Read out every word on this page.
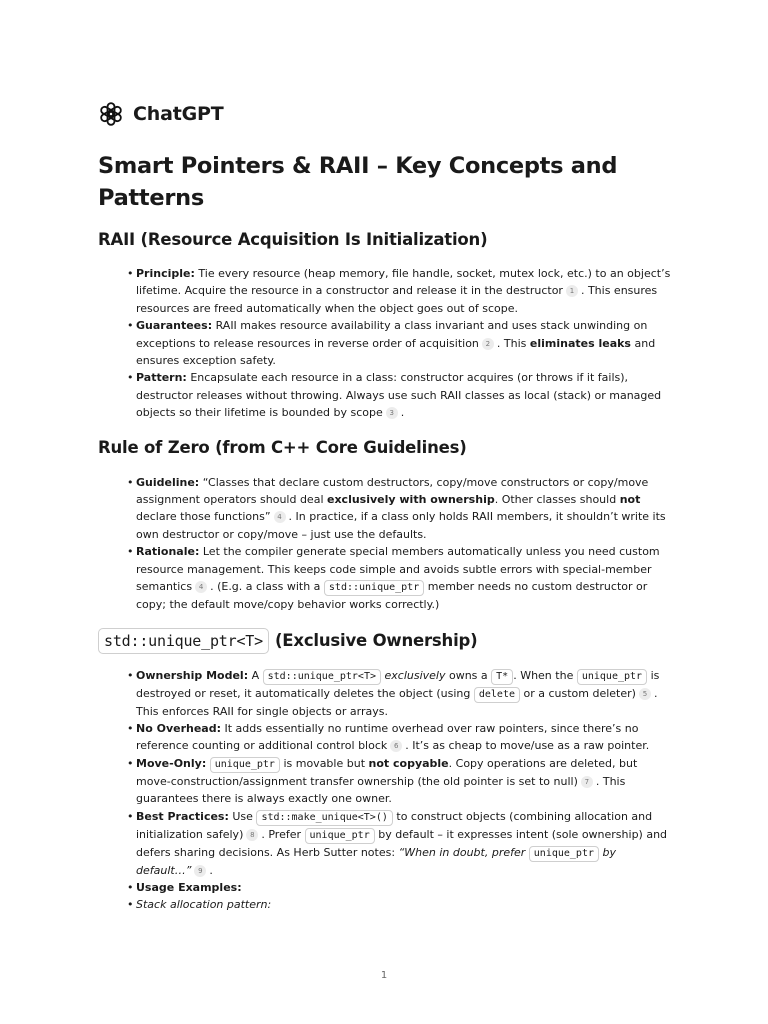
ChatGPT
Smart Pointers & RAII – Key Concepts and Patterns
RAII (Resource Acquisition Is Initialization)
• Principle: Tie every resource (heap memory, file handle, socket, mutex lock, etc.) to an object’s lifetime. Acquire the resource in a constructor and release it in the destructor 1 . This ensures resources are freed automatically when the object goes out of scope.
• Guarantees: RAII makes resource availability a class invariant and uses stack unwinding on exceptions to release resources in reverse order of acquisition 2 . This eliminates leaks and ensures exception safety.
• Pattern: Encapsulate each resource in a class: constructor acquires (or throws if it fails), destructor releases without throwing. Always use such RAII classes as local (stack) or managed objects so their lifetime is bounded by scope 3 .
Rule of Zero (from C++ Core Guidelines)
• Guideline: “Classes that declare custom destructors, copy/move constructors or copy/move assignment operators should deal exclusively with ownership. Other classes should not declare those functions” 4 . In practice, if a class only holds RAII members, it shouldn’t write its own destructor or copy/move – just use the defaults.
• Rationale: Let the compiler generate special members automatically unless you need custom resource management. This keeps code simple and avoids subtle errors with special-member semantics 4 . (E.g. a class with a std::unique_ptr member needs no custom destructor or copy; the default move/copy behavior works correctly.)
std::unique_ptr<T> (Exclusive Ownership)
• Ownership Model: A std::unique_ptr<T> exclusively owns a T* . When the unique_ptr is destroyed or reset, it automatically deletes the object (using delete or a custom deleter) 5 . This enforces RAII for single objects or arrays.
• No Overhead: It adds essentially no runtime overhead over raw pointers, since there’s no reference counting or additional control block 6 . It’s as cheap to move/use as a raw pointer.
• Move-Only: unique_ptr is movable but not copyable. Copy operations are deleted, but move-construction/assignment transfer ownership (the old pointer is set to null) 7 . This guarantees there is always exactly one owner.
• Best Practices: Use std::make_unique<T>() to construct objects (combining allocation and initialization safely) 8 . Prefer unique_ptr by default – it expresses intent (sole ownership) and defers sharing decisions. As Herb Sutter notes: “When in doubt, prefer unique_ptr by default…” 9 .
• Usage Examples:
• Stack allocation pattern:
1
